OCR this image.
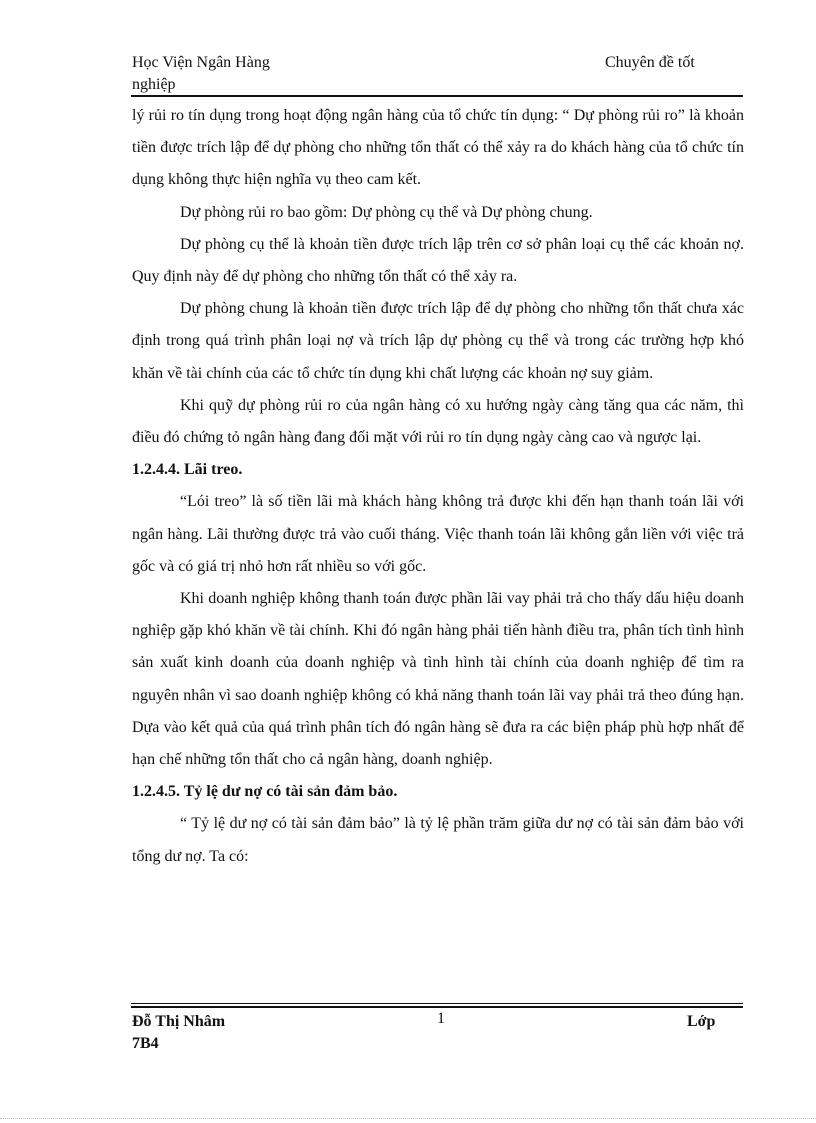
Học Viện Ngân Hàng
nghiệp
Chuyên đề tốt

lý rủi ro tín dụng trong hoạt động ngân hàng của tổ chức tín dụng: “ Dự phòng rủi ro” là khoản tiền được trích lập để dự phòng cho những tổn thất có thể xảy ra do khách hàng của tổ chức tín dụng không thực hiện nghĩa vụ theo cam kết.

Dự phòng rủi ro bao gồm: Dự phòng cụ thể và Dự phòng chung.

Dự phòng cụ thể là khoản tiền được trích lập trên cơ sở phân loại cụ thể các khoản nợ. Quy định này để dự phòng cho những tổn thất có thể xảy ra.

Dự phòng chung là khoản tiền được trích lập để dự phòng cho những tổn thất chưa xác định trong quá trình phân loại nợ và trích lập dự phòng cụ thể và trong các trường hợp khó khăn về tài chính của các tổ chức tín dụng khi chất lượng các khoản nợ suy giảm.

Khi quỹ dự phòng rủi ro của ngân hàng có xu hướng ngày càng tăng qua các năm, thì điều đó chứng tỏ ngân hàng đang đối mặt với rủi ro tín dụng ngày càng cao và ngược lại.

1.2.4.4. Lãi treo.

“Lói treo” là số tiền lãi mà khách hàng không trả được khi đến hạn thanh toán lãi với ngân hàng. Lãi thường được trả vào cuối tháng. Việc thanh toán lãi không gắn liền với việc trả gốc và có giá trị nhỏ hơn rất nhiều so với gốc.

Khi doanh nghiệp không thanh toán được phần lãi vay phải trả cho thấy dấu hiệu doanh nghiệp gặp khó khăn về tài chính. Khi đó ngân hàng phải tiến hành điều tra, phân tích tình hình sản xuất kinh doanh của doanh nghiệp và tình hình tài chính của doanh nghiệp để tìm ra nguyên nhân vì sao doanh nghiệp không có khả năng thanh toán lãi vay phải trả theo đúng hạn. Dựa vào kết quả của quá trình phân tích đó ngân hàng sẽ đưa ra các biện pháp phù hợp nhất để hạn chế những tổn thất cho cả ngân hàng, doanh nghiệp.

1.2.4.5. Tỷ lệ dư nợ có tài sản đảm bảo.

“ Tỷ lệ dư nợ có tài sản đảm bảo” là tỷ lệ phần trăm giữa dư nợ có tài sản đảm bảo với tổng dư nợ. Ta có:

Đỗ Thị Nhâm
7B4
1	Lớp
